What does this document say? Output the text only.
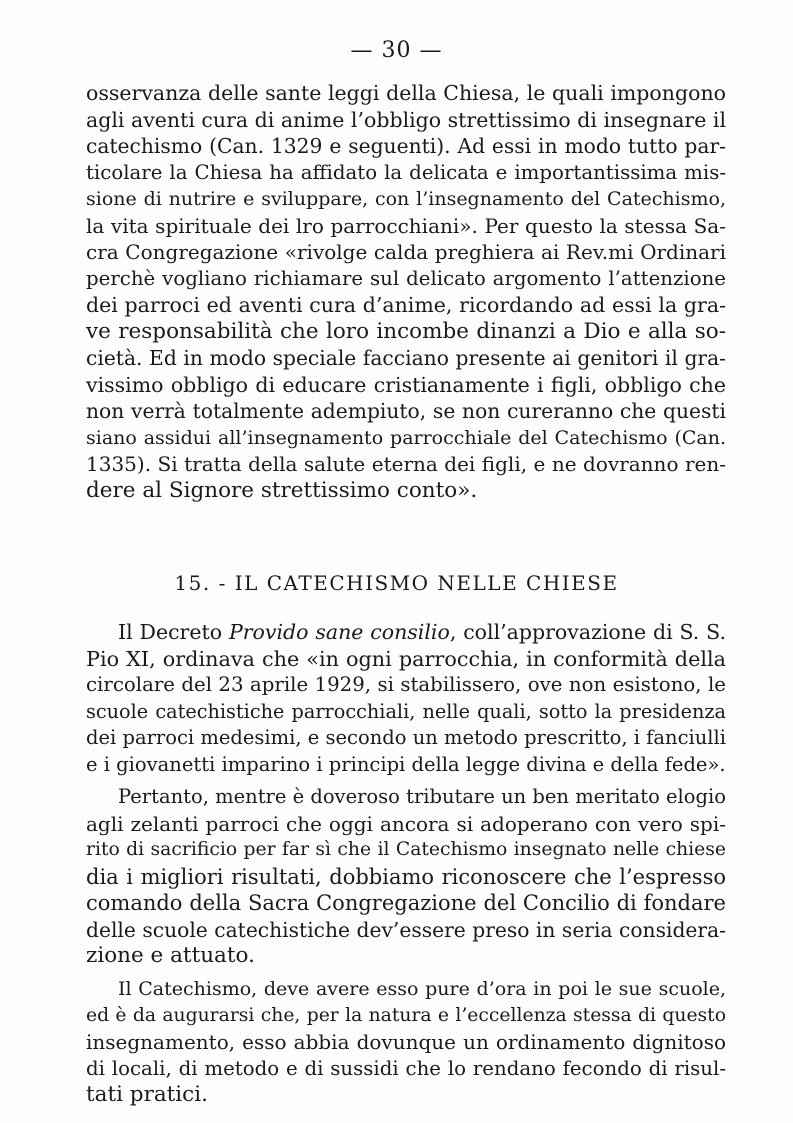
— 30 —
osservanza delle sante leggi della Chiesa, le quali impongono
agli aventi cura di anime l’obbligo strettissimo di insegnare il
catechismo (Can. 1329 e seguenti). Ad essi in modo tutto par-
ticolare la Chiesa ha affidato la delicata e importantissima mis-
sione di nutrire e sviluppare, con l’insegnamento del Catechismo,
la vita spirituale dei lro parrocchiani». Per questo la stessa Sa-
cra Congregazione «rivolge calda preghiera ai Rev.mi Ordinari
perchè vogliano richiamare sul delicato argomento l’attenzione
dei parroci ed aventi cura d’anime, ricordando ad essi la gra-
ve responsabilità che loro incombe dinanzi a Dio e alla so-
cietà. Ed in modo speciale facciano presente ai genitori il gra-
vissimo obbligo di educare cristianamente i figli, obbligo che
non verrà totalmente adempiuto, se non cureranno che questi
siano assidui all’insegnamento parrocchiale del Catechismo (Can.
1335). Si tratta della salute eterna dei figli, e ne dovranno ren-
dere al Signore strettissimo conto».
15. - IL CATECHISMO NELLE CHIESE
Il Decreto Provido sane consilio, coll’approvazione di S. S.
Pio XI, ordinava che «in ogni parrocchia, in conformità della
circolare del 23 aprile 1929, si stabilissero, ove non esistono, le
scuole catechistiche parrocchiali, nelle quali, sotto la presidenza
dei parroci medesimi, e secondo un metodo prescritto, i fanciulli
e i giovanetti imparino i principi della legge divina e della fede».
Pertanto, mentre è doveroso tributare un ben meritato elogio
agli zelanti parroci che oggi ancora si adoperano con vero spi-
rito di sacrificio per far sì che il Catechismo insegnato nelle chiese
dia i migliori risultati, dobbiamo riconoscere che l’espresso
comando della Sacra Congregazione del Concilio di fondare
delle scuole catechistiche dev’essere preso in seria considera-
zione e attuato.
Il Catechismo, deve avere esso pure d’ora in poi le sue scuole,
ed è da augurarsi che, per la natura e l’eccellenza stessa di questo
insegnamento, esso abbia dovunque un ordinamento dignitoso
di locali, di metodo e di sussidi che lo rendano fecondo di risul-
tati pratici.
